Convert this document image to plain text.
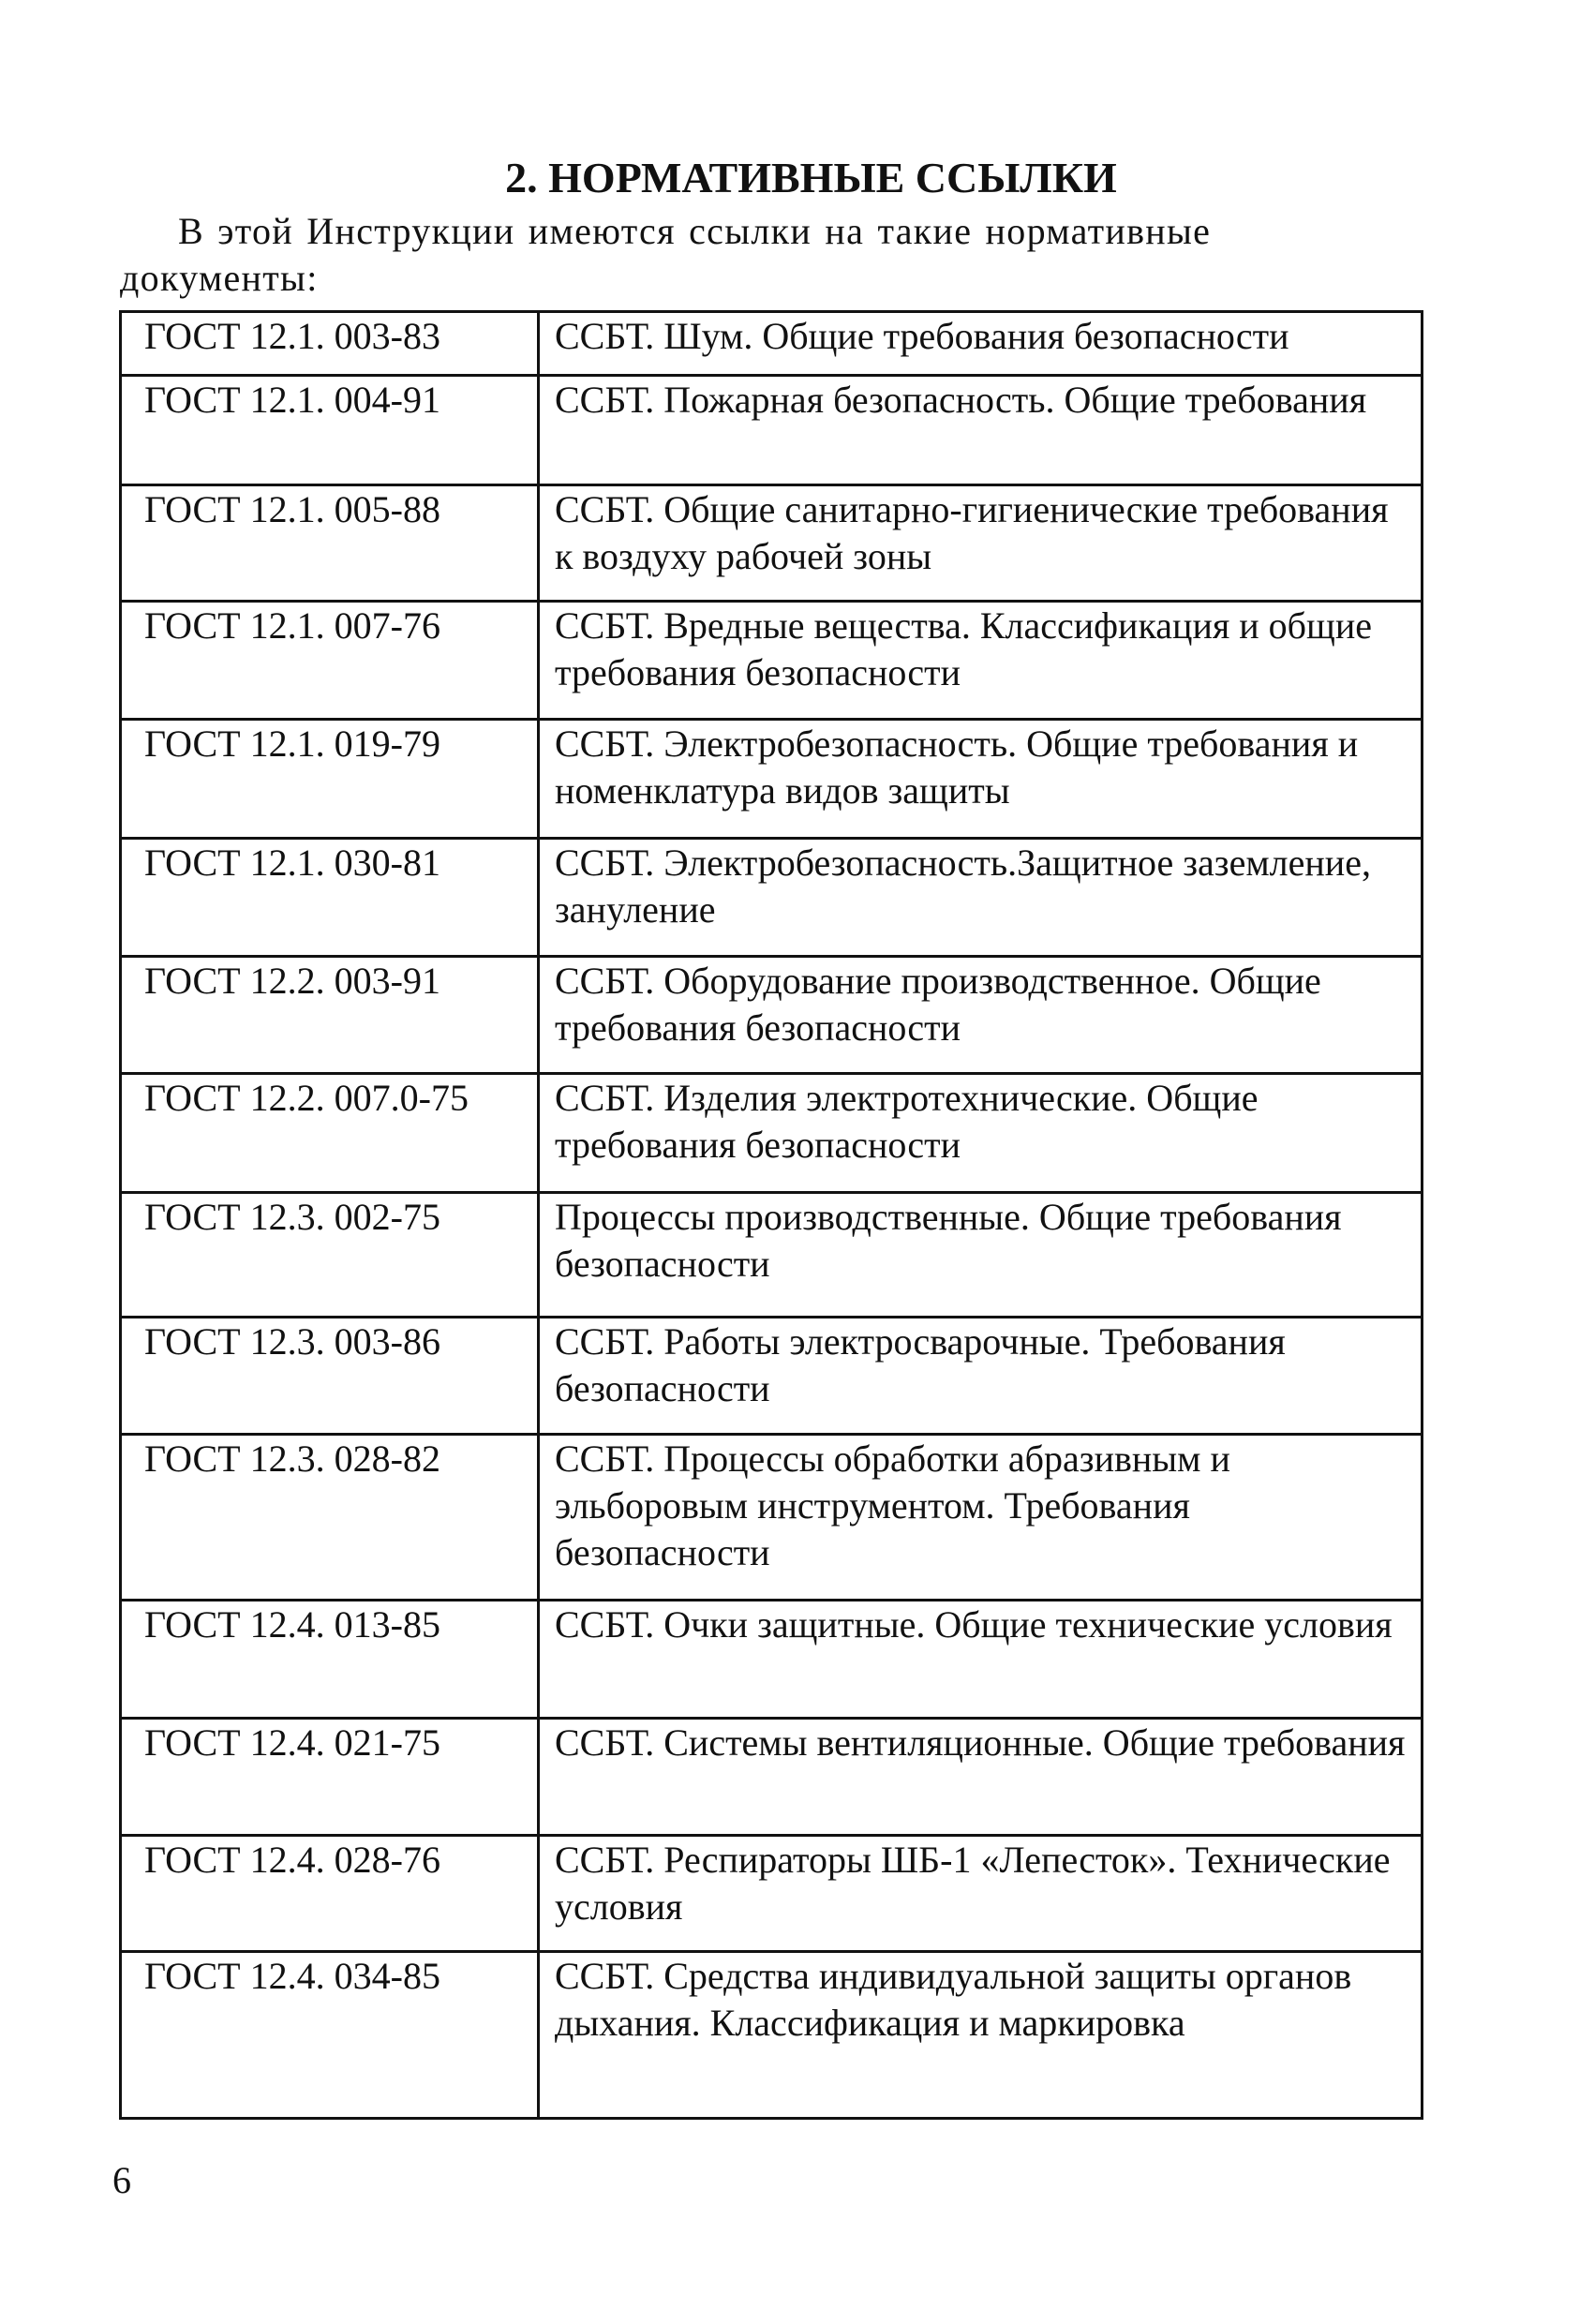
2. НОРМАТИВНЫЕ ССЫЛКИ

В этой Инструкции имеются ссылки на такие нормативные документы:

ГОСТ 12.1. 003-83	ССБТ. Шум. Общие требования безопасности
ГОСТ 12.1. 004-91	ССБТ. Пожарная безопасность. Общие требования
ГОСТ 12.1. 005-88	ССБТ. Общие санитарно-гигиенические требования к воздуху рабочей зоны
ГОСТ 12.1. 007-76	ССБТ. Вредные вещества. Классификация и общие требования безопасности
ГОСТ 12.1. 019-79	ССБТ. Электробезопасность. Общие требования и номенклатура видов защиты
ГОСТ 12.1. 030-81	ССБТ. Электробезопасность.Защитное заземление, зануление
ГОСТ 12.2. 003-91	ССБТ. Оборудование производственное. Общие требования безопасности
ГОСТ 12.2. 007.0-75	ССБТ. Изделия электротехнические. Общие требования безопасности
ГОСТ 12.3. 002-75	Процессы производственные. Общие требования безопасности
ГОСТ 12.3. 003-86	ССБТ. Работы электросварочные. Требования безопасности
ГОСТ 12.3. 028-82	ССБТ. Процессы обработки абразивным и эльборовым инструментом. Требования безопасности
ГОСТ 12.4. 013-85	ССБТ. Очки защитные. Общие технические условия
ГОСТ 12.4. 021-75	ССБТ. Системы вентиляционные. Общие требования
ГОСТ 12.4. 028-76	ССБТ. Респираторы ШБ-1 «Лепесток». Технические условия
ГОСТ 12.4. 034-85	ССБТ. Средства индивидуальной защиты органов дыхания. Классификация и маркировка

6
